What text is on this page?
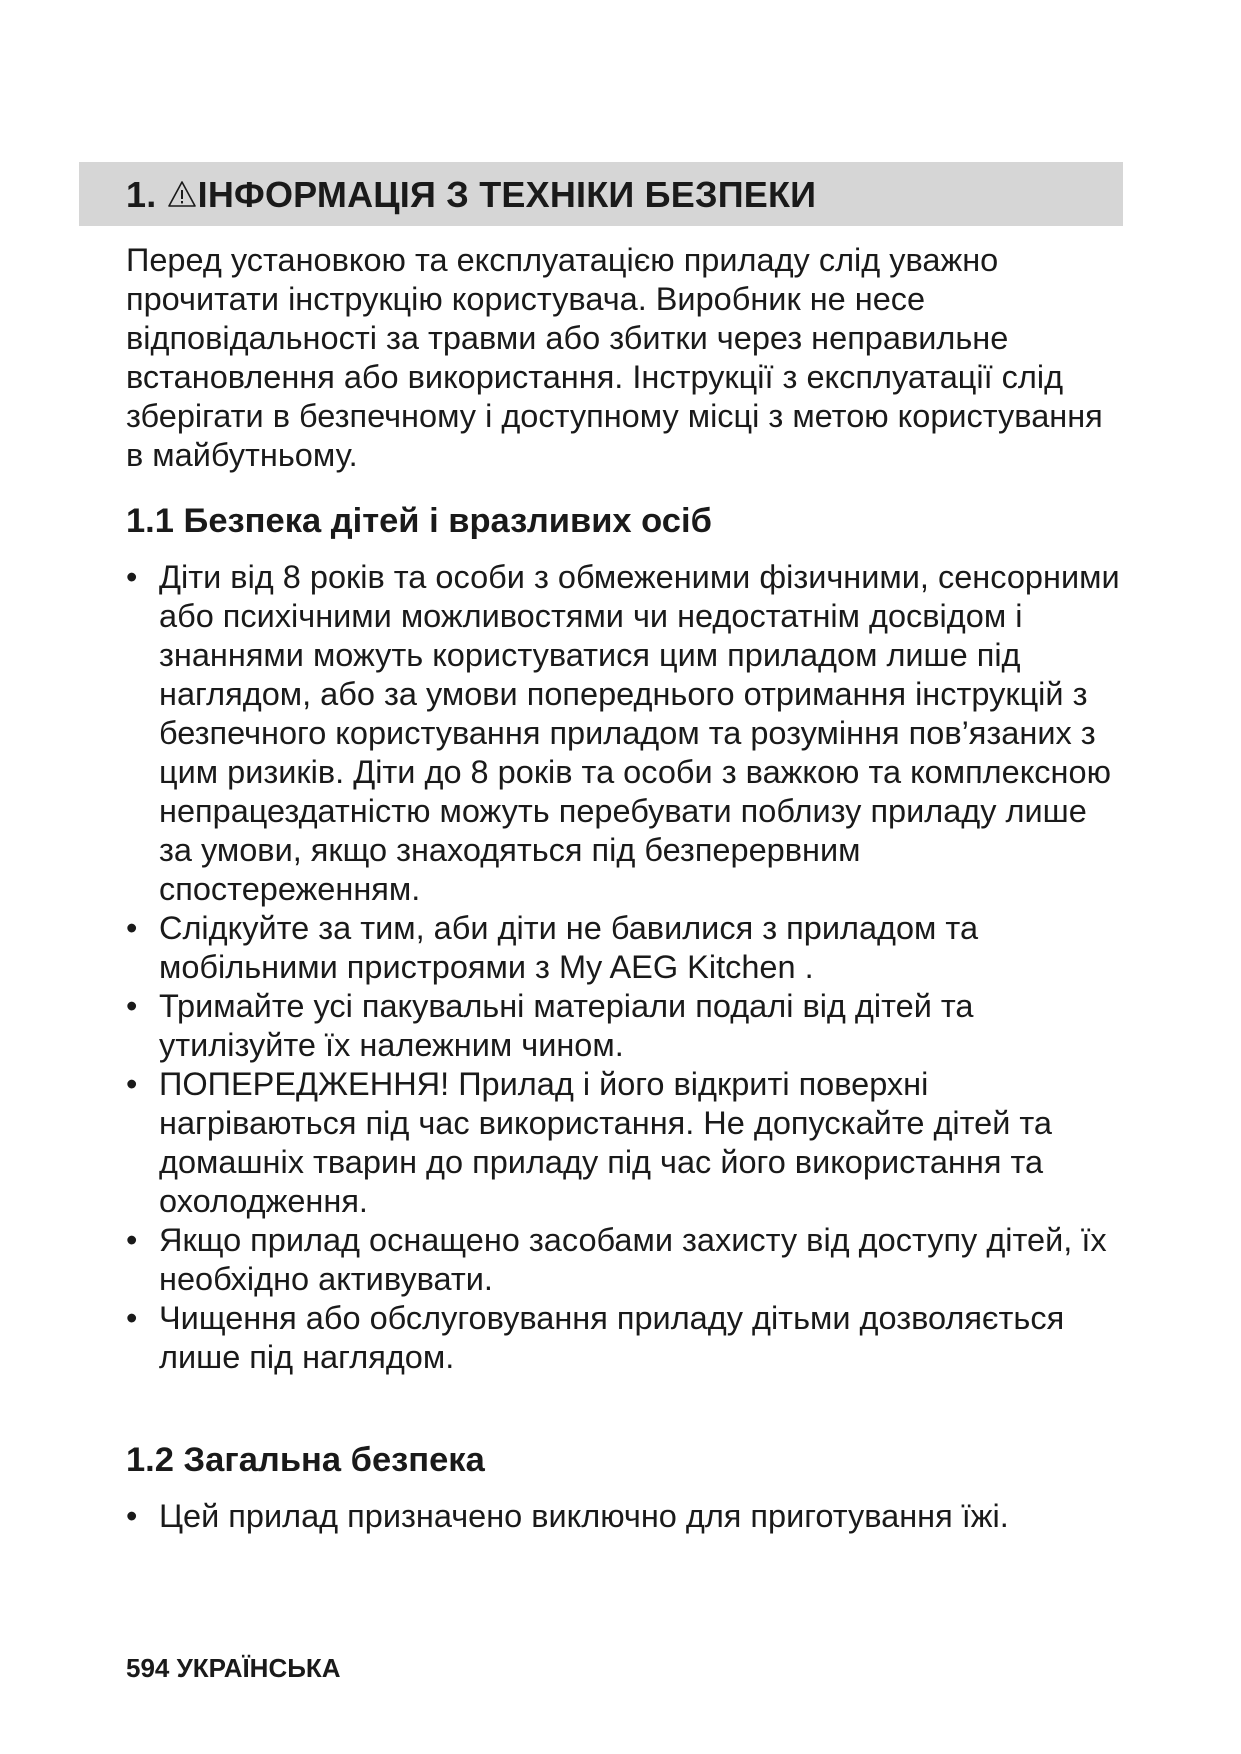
1. ІНФОРМАЦІЯ З ТЕХНІКИ БЕЗПЕКИ

Перед установкою та експлуатацією приладу слід уважно прочитати інструкцію користувача. Виробник не несе відповідальності за травми або збитки через неправильне встановлення або використання. Інструкції з експлуатації слід зберігати в безпечному і доступному місці з метою користування в майбутньому.

1.1 Безпека дітей і вразливих осіб
• Діти від 8 років та особи з обмеженими фізичними, сенсорними або психічними можливостями чи недостатнім досвідом і знаннями можуть користуватися цим приладом лише під наглядом, або за умови попереднього отримання інструкцій з безпечного користування приладом та розуміння пов’язаних з цим ризиків. Діти до 8 років та особи з важкою та комплексною непрацездатністю можуть перебувати поблизу приладу лише за умови, якщо знаходяться під безперервним спостереженням.
• Слідкуйте за тим, аби діти не бавилися з приладом та мобільними пристроями з My AEG Kitchen .
• Тримайте усі пакувальні матеріали подалі від дітей та утилізуйте їх належним чином.
• ПОПЕРЕДЖЕННЯ! Прилад і його відкриті поверхні нагріваються під час використання. Не допускайте дітей та домашніх тварин до приладу під час його використання та охолодження.
• Якщо прилад оснащено засобами захисту від доступу дітей, їх необхідно активувати.
• Чищення або обслуговування приладу дітьми дозволяється лише під наглядом.
1.2 Загальна безпека
• Цей прилад призначено виключно для приготування їжі.

594 УКРАЇНСЬКА
